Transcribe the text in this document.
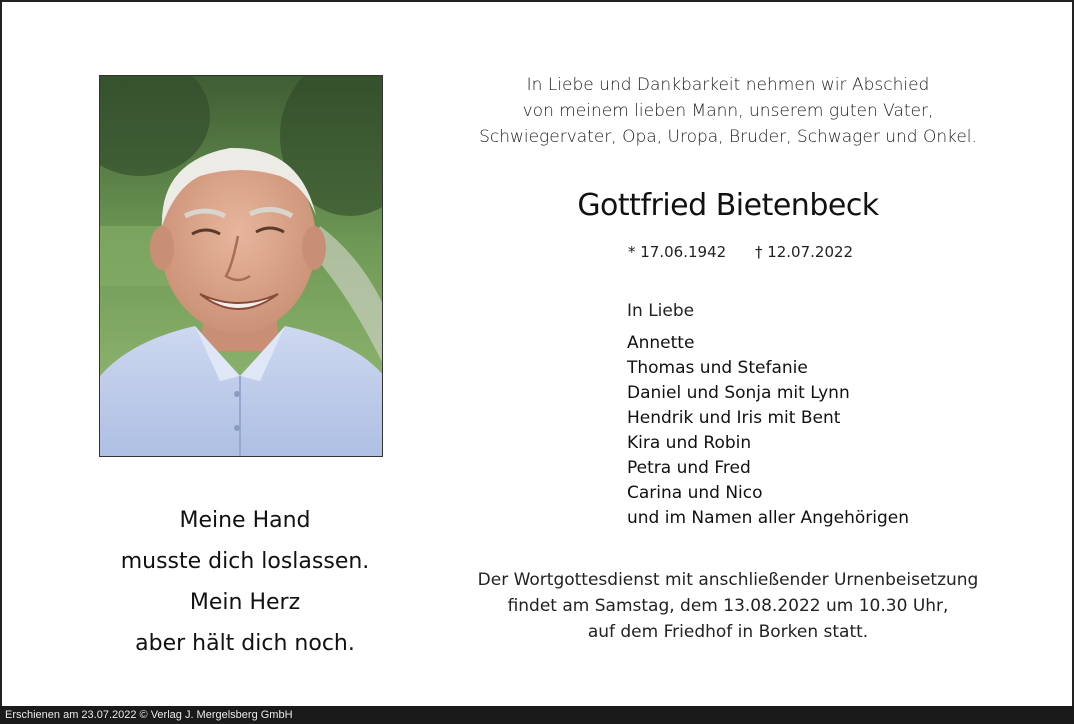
Meine Hand
musste dich loslassen.
Mein Herz
aber hält dich noch.
In Liebe und Dankbarkeit nehmen wir Abschied
von meinem lieben Mann, unserem guten Vater,
Schwiegervater, Opa, Uropa, Bruder, Schwager und Onkel.
Gottfried Bietenbeck
* 17.06.1942 † 12.07.2022
In Liebe
Annette
Thomas und Stefanie
Daniel und Sonja mit Lynn
Hendrik und Iris mit Bent
Kira und Robin
Petra und Fred
Carina und Nico
und im Namen aller Angehörigen
Der Wortgottesdienst mit anschließender Urnenbeisetzung
findet am Samstag, dem 13.08.2022 um 10.30 Uhr,
auf dem Friedhof in Borken statt.
Erschienen am 23.07.2022 © Verlag J. Mergelsberg GmbH
